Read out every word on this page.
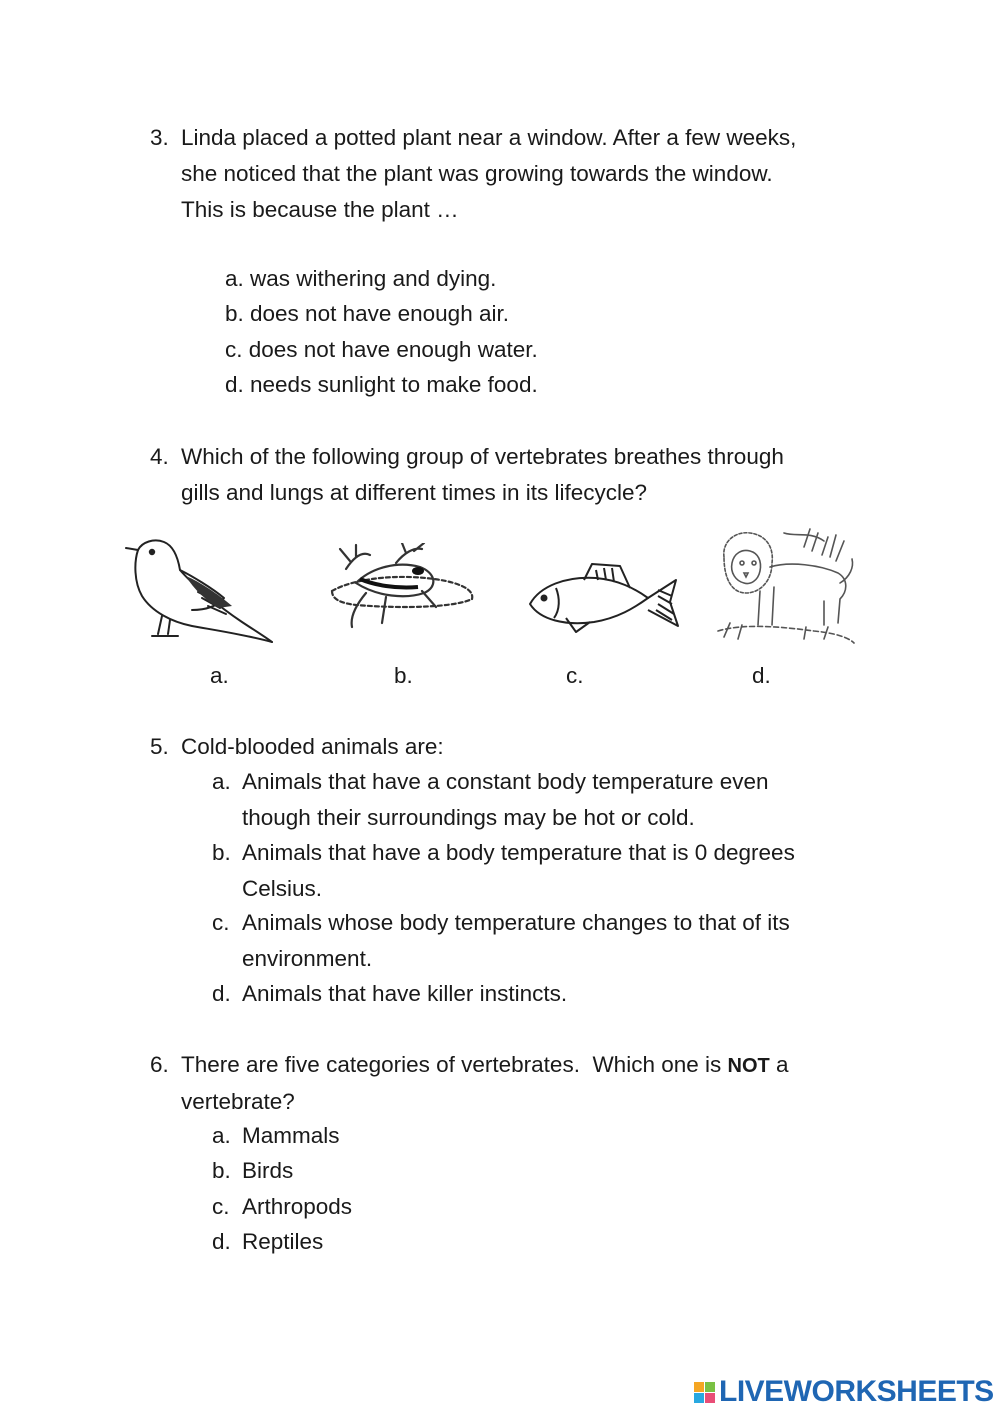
3. Linda placed a potted plant near a window. After a few weeks,
she noticed that the plant was growing towards the window.
This is because the plant …
a. was withering and dying.
b. does not have enough air.
c. does not have enough water.
d. needs sunlight to make food.
4. Which of the following group of vertebrates breathes through
gills and lungs at different times in its lifecycle?
a.	b.	c.	d.
5. Cold-blooded animals are:
a. Animals that have a constant body temperature even
though their surroundings may be hot or cold.
b. Animals that have a body temperature that is 0 degrees
Celsius.
c. Animals whose body temperature changes to that of its
environment.
d. Animals that have killer instincts.
6. There are five categories of vertebrates.  Which one is NOT a
vertebrate?
a. Mammals
b. Birds
c. Arthropods
d. Reptiles
LIVEWORKSHEETS
